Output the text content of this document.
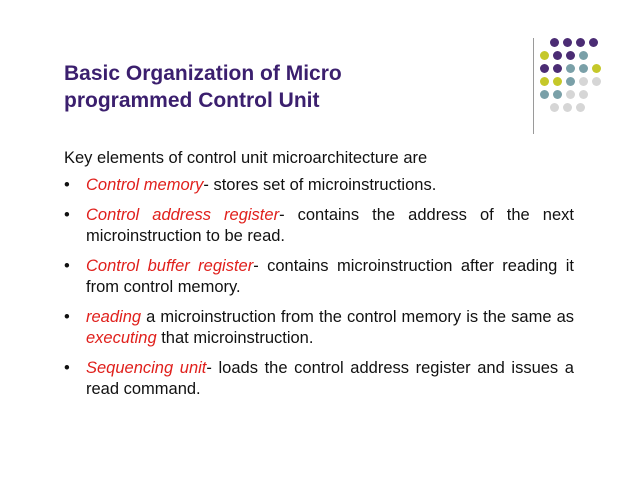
Basic Organization of Micro
programmed Control Unit

Key elements of control unit microarchitecture are

• Control memory- stores set of microinstructions.
• Control address register- contains the address of the next microinstruction to be read.
• Control buffer register- contains microinstruction after reading it from control memory.
• reading a microinstruction from the control memory is the same as executing that microinstruction.
• Sequencing unit- loads the control address register and issues a read command.
